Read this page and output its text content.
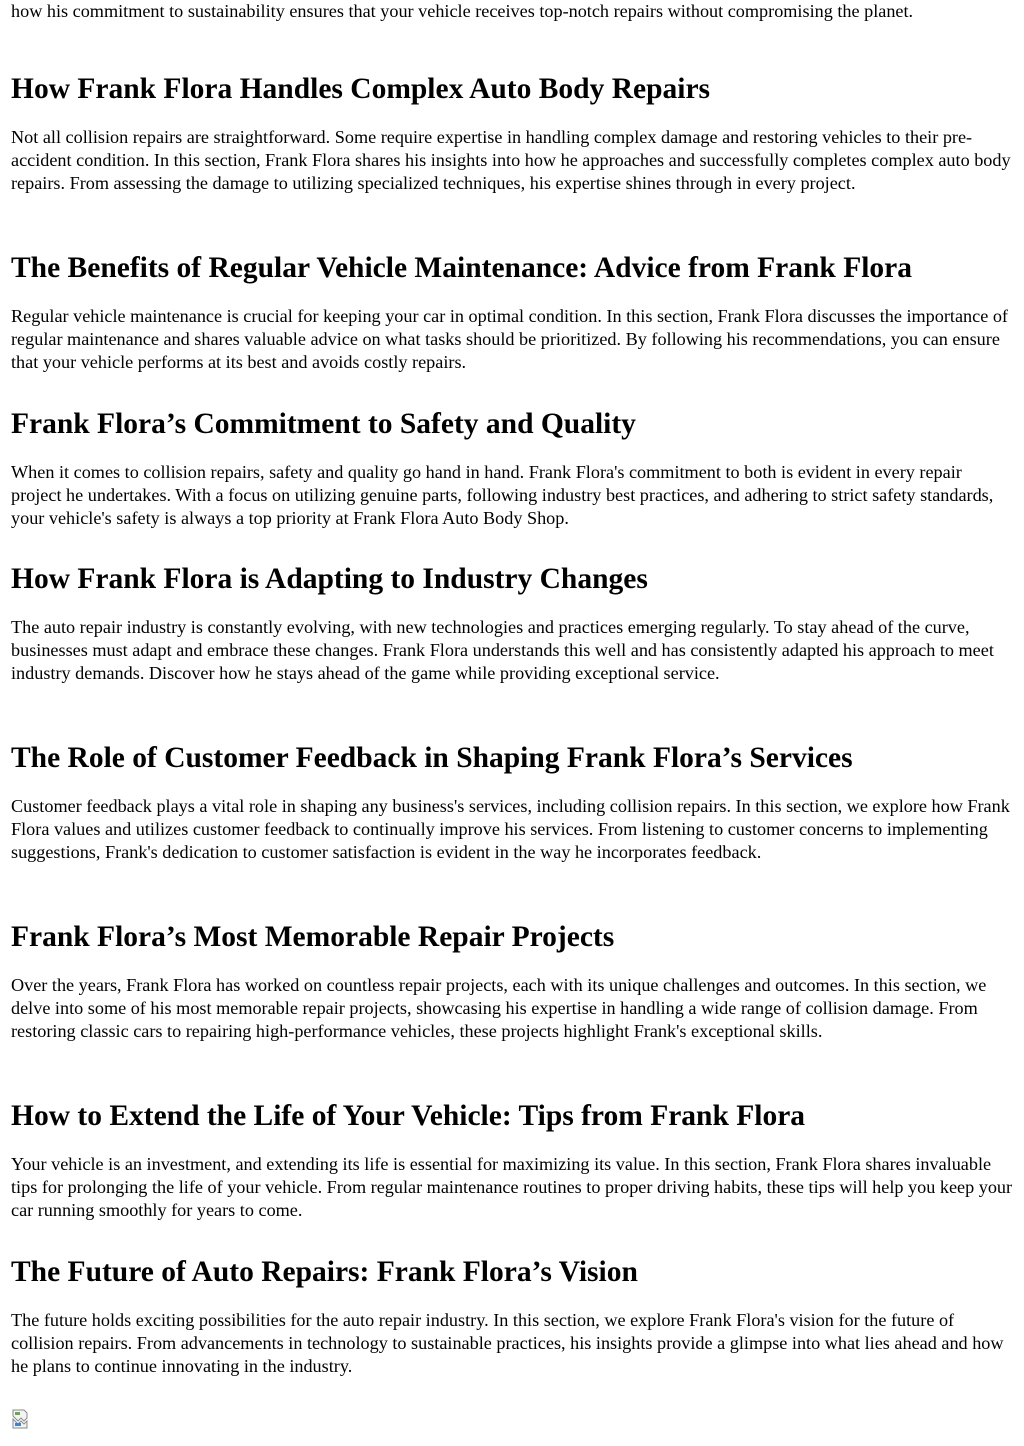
how his commitment to sustainability ensures that your vehicle receives top-notch repairs without compromising the planet.

How Frank Flora Handles Complex Auto Body Repairs

Not all collision repairs are straightforward. Some require expertise in handling complex damage and restoring vehicles to their pre-accident condition. In this section, Frank Flora shares his insights into how he approaches and successfully completes complex auto body repairs. From assessing the damage to utilizing specialized techniques, his expertise shines through in every project.

The Benefits of Regular Vehicle Maintenance: Advice from Frank Flora

Regular vehicle maintenance is crucial for keeping your car in optimal condition. In this section, Frank Flora discusses the importance of regular maintenance and shares valuable advice on what tasks should be prioritized. By following his recommendations, you can ensure that your vehicle performs at its best and avoids costly repairs.

Frank Flora’s Commitment to Safety and Quality

When it comes to collision repairs, safety and quality go hand in hand. Frank Flora's commitment to both is evident in every repair project he undertakes. With a focus on utilizing genuine parts, following industry best practices, and adhering to strict safety standards, your vehicle's safety is always a top priority at Frank Flora Auto Body Shop.

How Frank Flora is Adapting to Industry Changes

The auto repair industry is constantly evolving, with new technologies and practices emerging regularly. To stay ahead of the curve, businesses must adapt and embrace these changes. Frank Flora understands this well and has consistently adapted his approach to meet industry demands. Discover how he stays ahead of the game while providing exceptional service.

The Role of Customer Feedback in Shaping Frank Flora’s Services

Customer feedback plays a vital role in shaping any business's services, including collision repairs. In this section, we explore how Frank Flora values and utilizes customer feedback to continually improve his services. From listening to customer concerns to implementing suggestions, Frank's dedication to customer satisfaction is evident in the way he incorporates feedback.

Frank Flora’s Most Memorable Repair Projects

Over the years, Frank Flora has worked on countless repair projects, each with its unique challenges and outcomes. In this section, we delve into some of his most memorable repair projects, showcasing his expertise in handling a wide range of collision damage. From restoring classic cars to repairing high-performance vehicles, these projects highlight Frank's exceptional skills.

How to Extend the Life of Your Vehicle: Tips from Frank Flora

Your vehicle is an investment, and extending its life is essential for maximizing its value. In this section, Frank Flora shares invaluable tips for prolonging the life of your vehicle. From regular maintenance routines to proper driving habits, these tips will help you keep your car running smoothly for years to come.

The Future of Auto Repairs: Frank Flora’s Vision

The future holds exciting possibilities for the auto repair industry. In this section, we explore Frank Flora's vision for the future of collision repairs. From advancements in technology to sustainable practices, his insights provide a glimpse into what lies ahead and how he plans to continue innovating in the industry.
